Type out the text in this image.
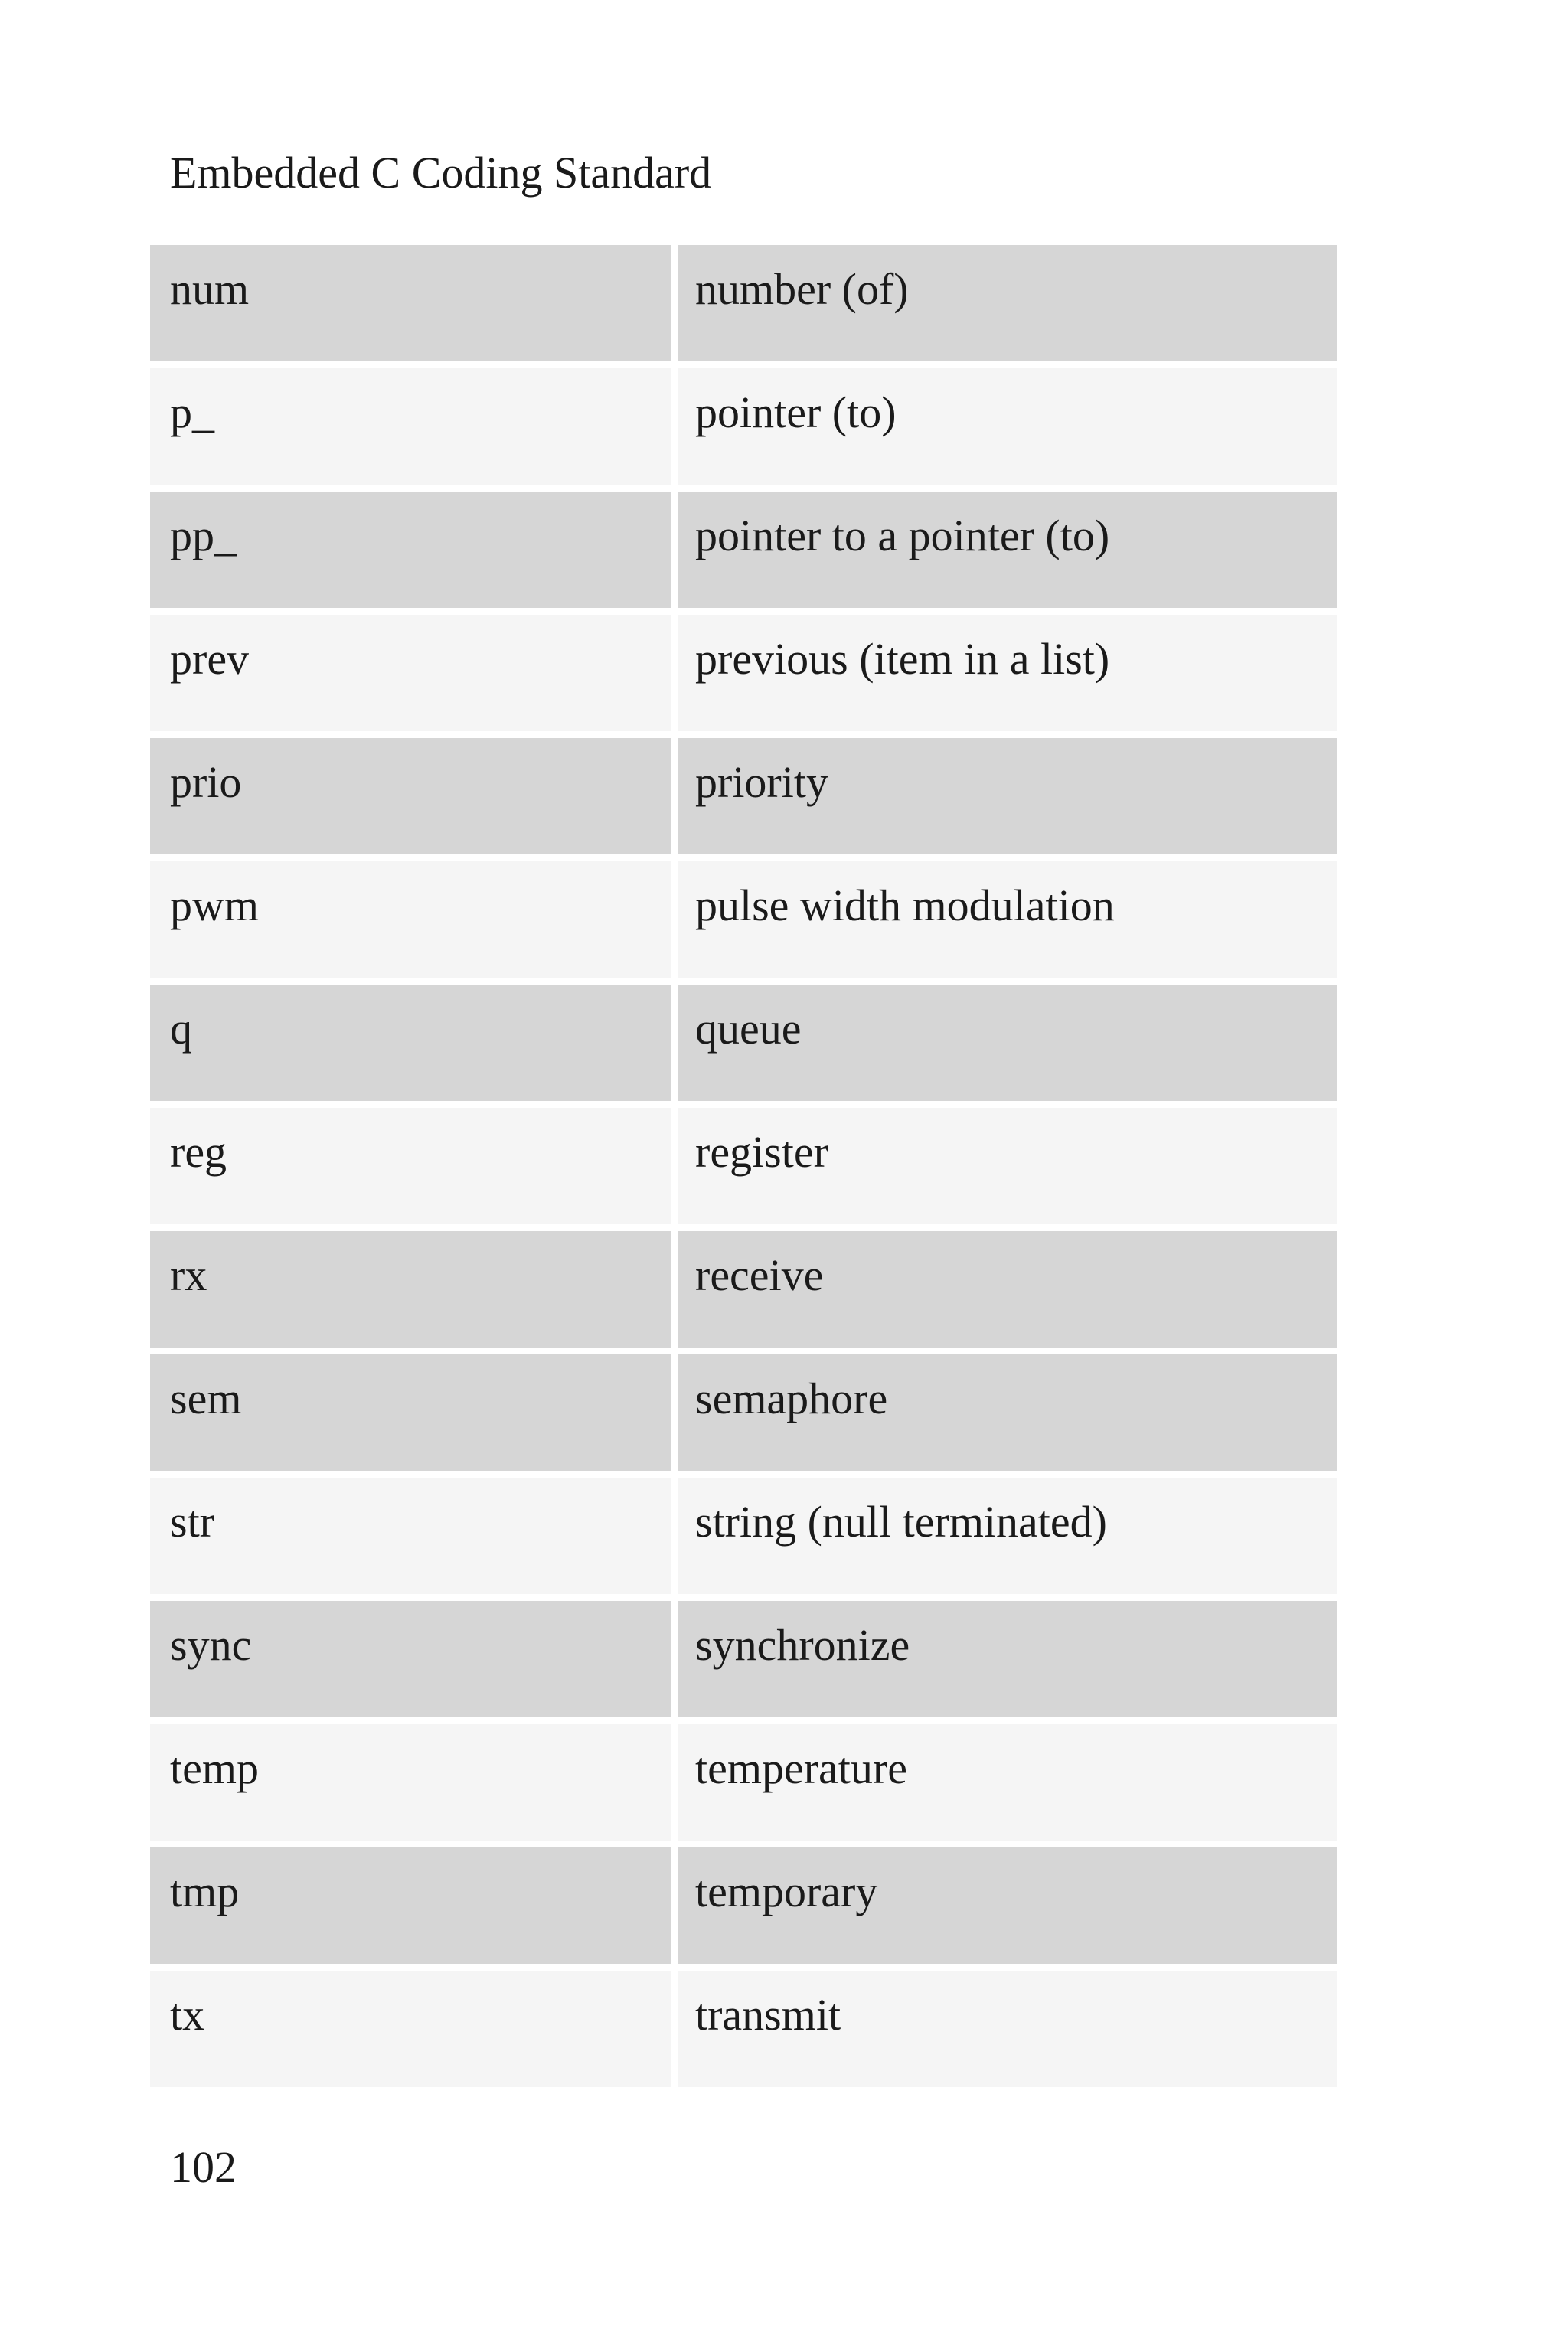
Embedded C Coding Standard
num	number (of)
p_	pointer (to)
pp_	pointer to a pointer (to)
prev	previous (item in a list)
prio	priority
pwm	pulse width modulation
q	queue
reg	register
rx	receive
sem	semaphore
str	string (null terminated)
sync	synchronize
temp	temperature
tmp	temporary
tx	transmit
102
